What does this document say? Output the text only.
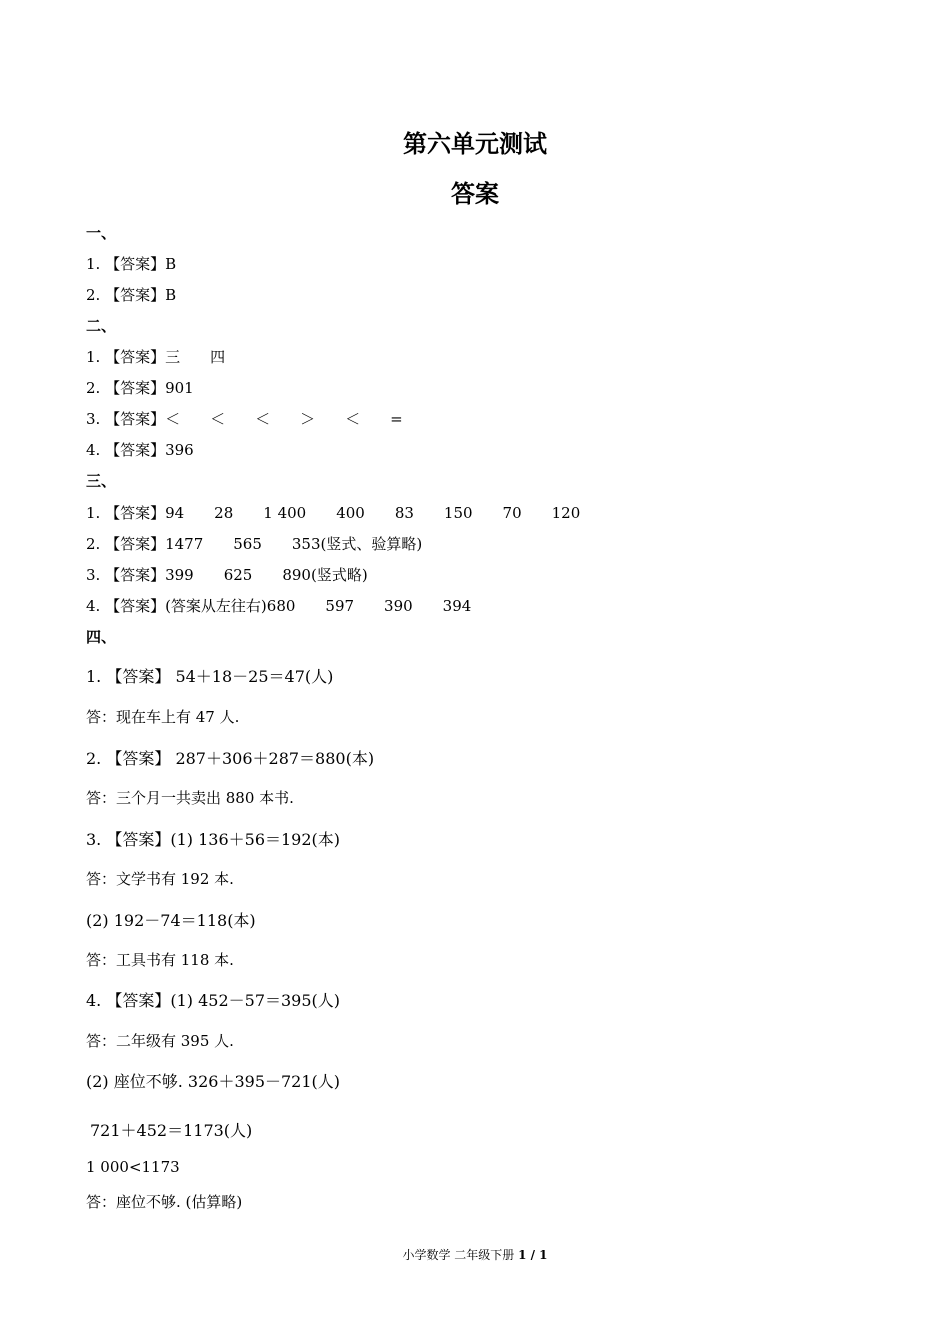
第六单元测试
答案
一、
1. 【答案】B
2. 【答案】B
二、
1. 【答案】三　　四
2. 【答案】901
3. 【答案】＜　　＜　　＜　　＞　　＜　　=
4. 【答案】396
三、
1. 【答案】94　　28　　1 400　　400　　83　　150　　70　　120
2. 【答案】1477　　565　　353(竖式、验算略)
3. 【答案】399　　625　　890(竖式略)
4. 【答案】(答案从左往右)680　　597　　390　　394
四、
1. 【答案】 54＋18－25＝47(人)
答：现在车上有 47 人.
2. 【答案】 287＋306＋287＝880(本)
答：三个月一共卖出 880 本书.
3. 【答案】(1) 136＋56＝192(本)
答：文学书有 192 本.
(2) 192－74＝118(本)
答：工具书有 118 本.
4. 【答案】(1) 452－57＝395(人)
答：二年级有 395 人.
(2) 座位不够. 326＋395－721(人)
721＋452＝1173(人)
1 000<1173
答：座位不够. (估算略)
小学数学 二年级下册 1 / 1
